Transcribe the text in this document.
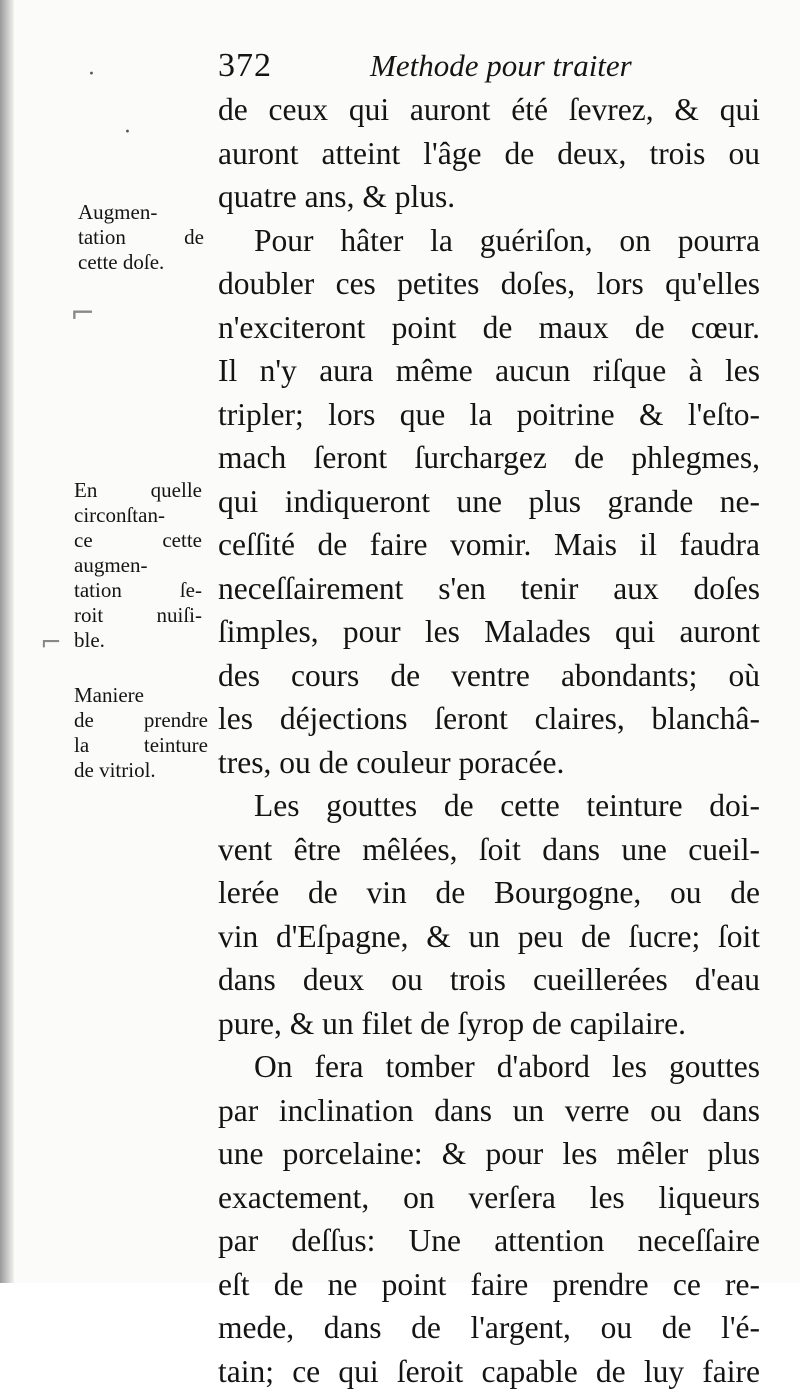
372	Methode pour traiter
de ceux qui auront été ſevrez, & qui
auront atteint l'âge de deux, trois ou
quatre ans, & plus.
Pour hâter la guériſon, on pourra
doubler ces petites doſes, lors qu'elles
n'exciteront point de maux de cœur.
Il n'y aura même aucun riſque à les
tripler; lors que la poitrine & l'eſto-
mach ſeront ſurchargez de phlegmes,
qui indiqueront une plus grande ne-
ceſſité de faire vomir. Mais il faudra
neceſſairement s'en tenir aux doſes
ſimples, pour les Malades qui auront
des cours de ventre abondants; où
les déjections ſeront claires, blanchâ-
tres, ou de couleur poracée.
Les gouttes de cette teinture doi-
vent être mêlées, ſoit dans une cueil-
lerée de vin de Bourgogne, ou de
vin d'Eſpagne, & un peu de ſucre; ſoit
dans deux ou trois cueillerées d'eau
pure, & un filet de ſyrop de capilaire.
On fera tomber d'abord les gouttes
par inclination dans un verre ou dans
une porcelaine: & pour les mêler plus
exactement, on verſera les liqueurs
par deſſus: Une attention neceſſaire
eſt de ne point faire prendre ce re-
mede, dans de l'argent, ou de l'é-
tain; ce qui ſeroit capable de luy faire
Augmen-
tation de
cette doſe.
En quelle
circonſtan-
ce cette
augmen-
tation ſe-
roit nuiſi-
ble.
Maniere
de prendre
la teinture
de vitriol.
·
·
⌐
⌐
